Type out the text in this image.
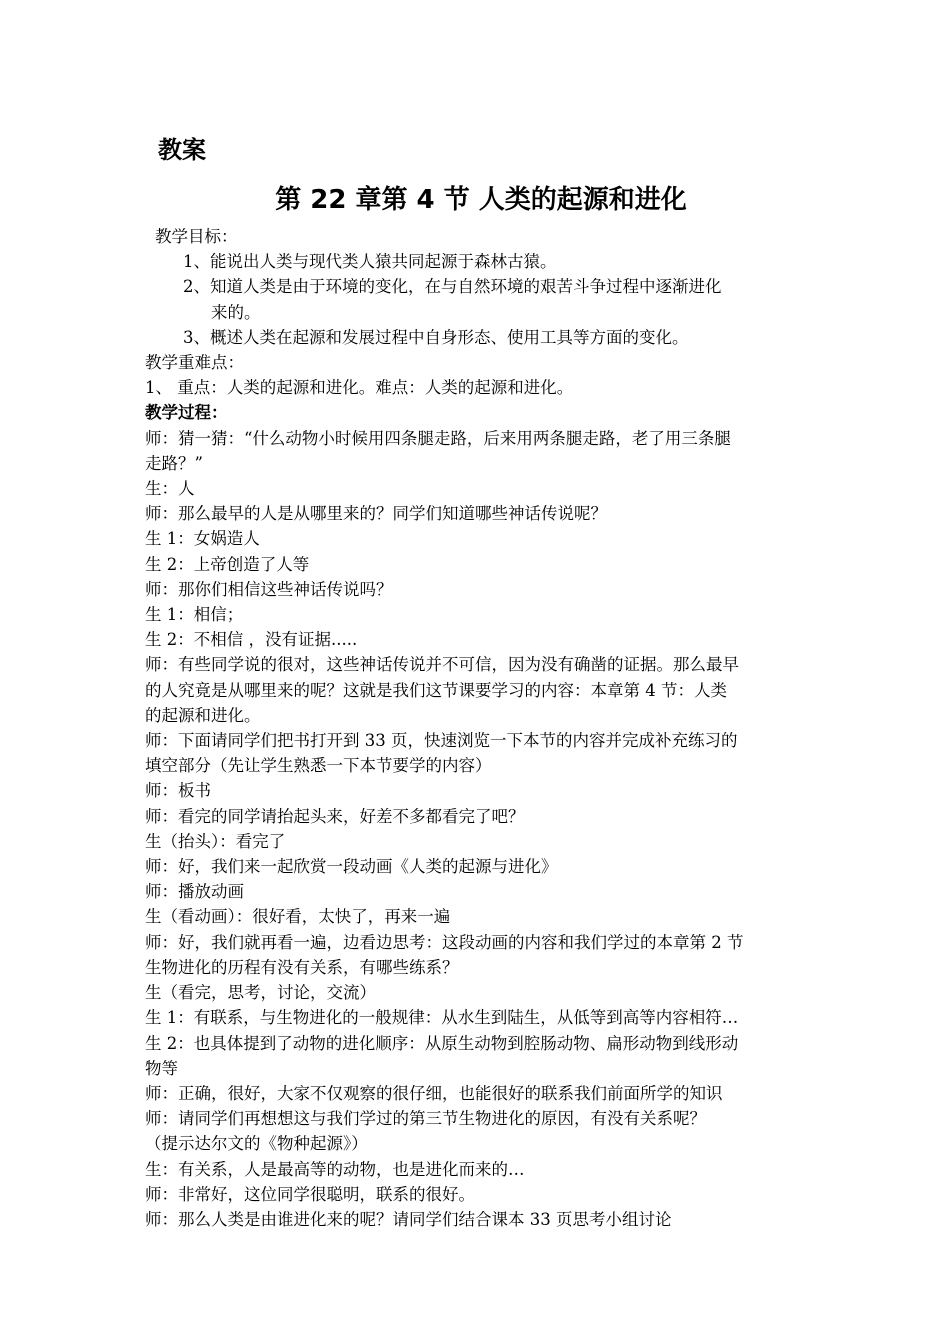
教案
第 22 章第 4 节 人类的起源和进化

教学目标：

1、能说出人类与现代类人猿共同起源于森林古猿。

2、知道人类是由于环境的变化，在与自然环境的艰苦斗争过程中逐渐进化

来的。

3、概述人类在起源和发展过程中自身形态、使用工具等方面的变化。

教学重难点：

1、 重点：人类的起源和进化。难点：人类的起源和进化。

教学过程：

师：猜一猜：“什么动物小时候用四条腿走路，后来用两条腿走路，老了用三条腿

走路？”

生：人

师：那么最早的人是从哪里来的？同学们知道哪些神话传说呢？

生 1：女娲造人

生 2：上帝创造了人等

师：那你们相信这些神话传说吗？

生 1：相信；

生 2：不相信 ，没有证据.....

师：有些同学说的很对，这些神话传说并不可信，因为没有确凿的证据。那么最早

的人究竟是从哪里来的呢？这就是我们这节课要学习的内容：本章第 4 节：人类

的起源和进化。

师：下面请同学们把书打开到 33 页，快速浏览一下本节的内容并完成补充练习的

填空部分（先让学生熟悉一下本节要学的内容）

师：板书

师：看完的同学请抬起头来，好差不多都看完了吧？

生（抬头）：看完了

师：好，我们来一起欣赏一段动画《人类的起源与进化》

师：播放动画

生（看动画）：很好看，太快了，再来一遍

师：好，我们就再看一遍，边看边思考：这段动画的内容和我们学过的本章第 2 节

生物进化的历程有没有关系，有哪些练系？

生（看完，思考，讨论，交流）

生 1：有联系，与生物进化的一般规律：从水生到陆生，从低等到高等内容相符…

生 2：也具体提到了动物的进化顺序：从原生动物到腔肠动物、扁形动物到线形动

物等

师：正确，很好，大家不仅观察的很仔细，也能很好的联系我们前面所学的知识

师：请同学们再想想这与我们学过的第三节生物进化的原因，有没有关系呢？

（提示达尔文的《物种起源》）

生：有关系，人是最高等的动物，也是进化而来的…

师：非常好，这位同学很聪明，联系的很好。

师：那么人类是由谁进化来的呢？请同学们结合课本 33 页思考小组讨论
